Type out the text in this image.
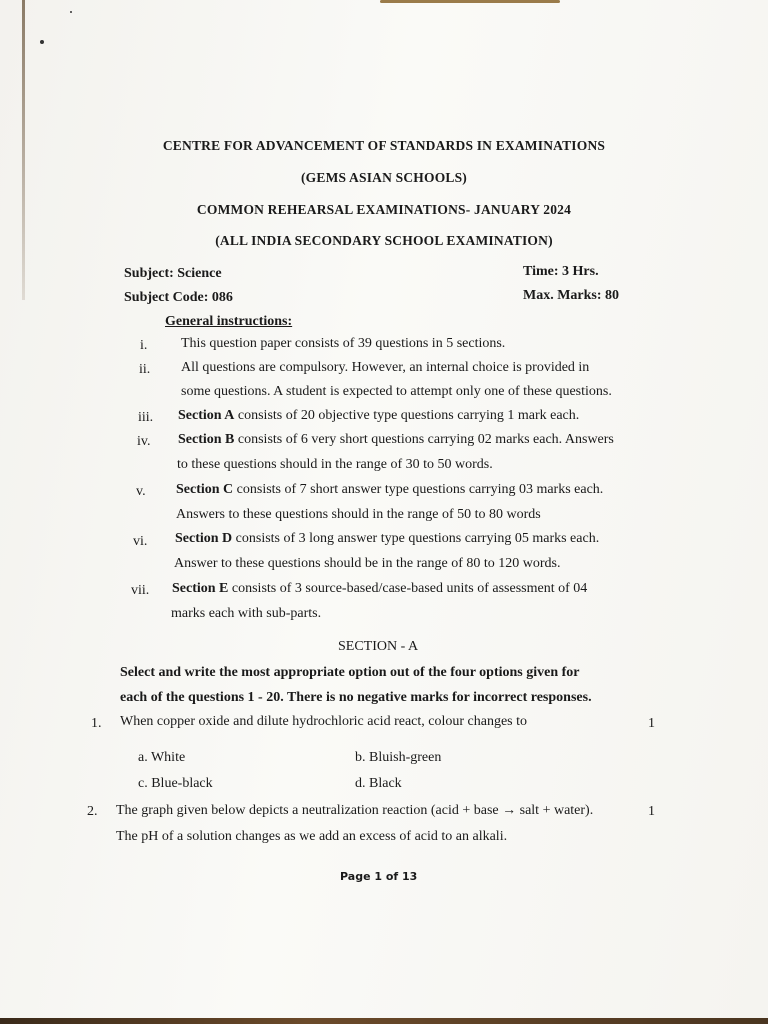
CENTRE FOR ADVANCEMENT OF STANDARDS IN EXAMINATIONS
(GEMS ASIAN SCHOOLS)
COMMON REHEARSAL EXAMINATIONS- JANUARY 2024
(ALL INDIA SECONDARY SCHOOL EXAMINATION)
Subject: Science	Time: 3 Hrs.
Subject Code: 086	Max. Marks: 80
General instructions:
i. This question paper consists of 39 questions in 5 sections.
ii. All questions are compulsory. However, an internal choice is provided in
some questions. A student is expected to attempt only one of these questions.
iii. Section A consists of 20 objective type questions carrying 1 mark each.
iv. Section B consists of 6 very short questions carrying 02 marks each. Answers
to these questions should in the range of 30 to 50 words.
v. Section C consists of 7 short answer type questions carrying 03 marks each.
Answers to these questions should in the range of 50 to 80 words
vi. Section D consists of 3 long answer type questions carrying 05 marks each.
Answer to these questions should be in the range of 80 to 120 words.
vii. Section E consists of 3 source-based/case-based units of assessment of 04
marks each with sub-parts.
SECTION - A
Select and write the most appropriate option out of the four options given for
each of the questions 1 - 20. There is no negative marks for incorrect responses.
1. When copper oxide and dilute hydrochloric acid react, colour changes to	1
a. White	b. Bluish-green
c. Blue-black	d. Black
2. The graph given below depicts a neutralization reaction (acid + base → salt + water).	1
The pH of a solution changes as we add an excess of acid to an alkali.
Page 1 of 13
